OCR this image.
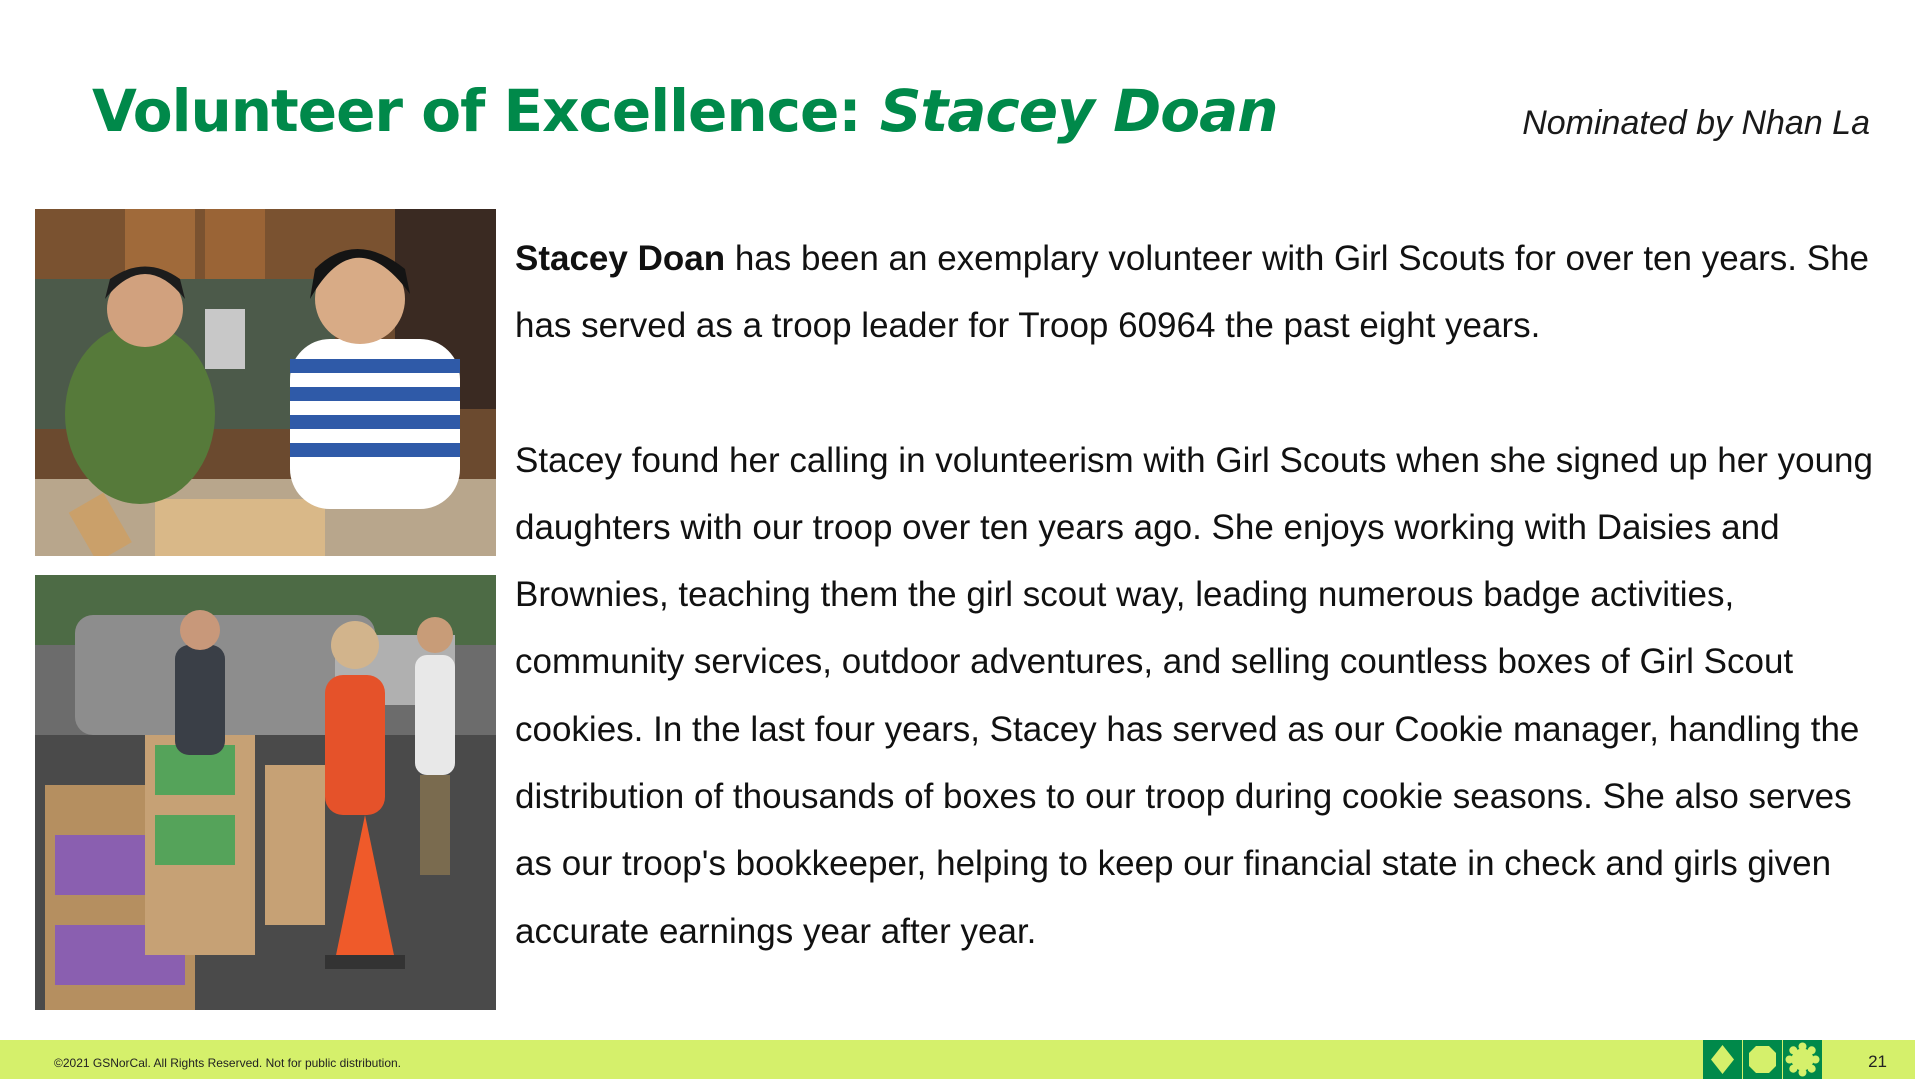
Volunteer of Excellence: Stacey Doan	Nominated by Nhan La

Stacey Doan has been an exemplary volunteer with Girl Scouts for over ten years. She has served as a troop leader for Troop 60964 the past eight years.

Stacey found her calling in volunteerism with Girl Scouts when she signed up her young daughters with our troop over ten years ago. She enjoys working with Daisies and Brownies, teaching them the girl scout way, leading numerous badge activities, community services, outdoor adventures, and selling countless boxes of Girl Scout cookies. In the last four years, Stacey has served as our Cookie manager, handling the distribution of thousands of boxes to our troop during cookie seasons. She also serves as our troop's bookkeeper, helping to keep our financial state in check and girls given accurate earnings year after year.

©2021 GSNorCal. All Rights Reserved. Not for public distribution.	21
